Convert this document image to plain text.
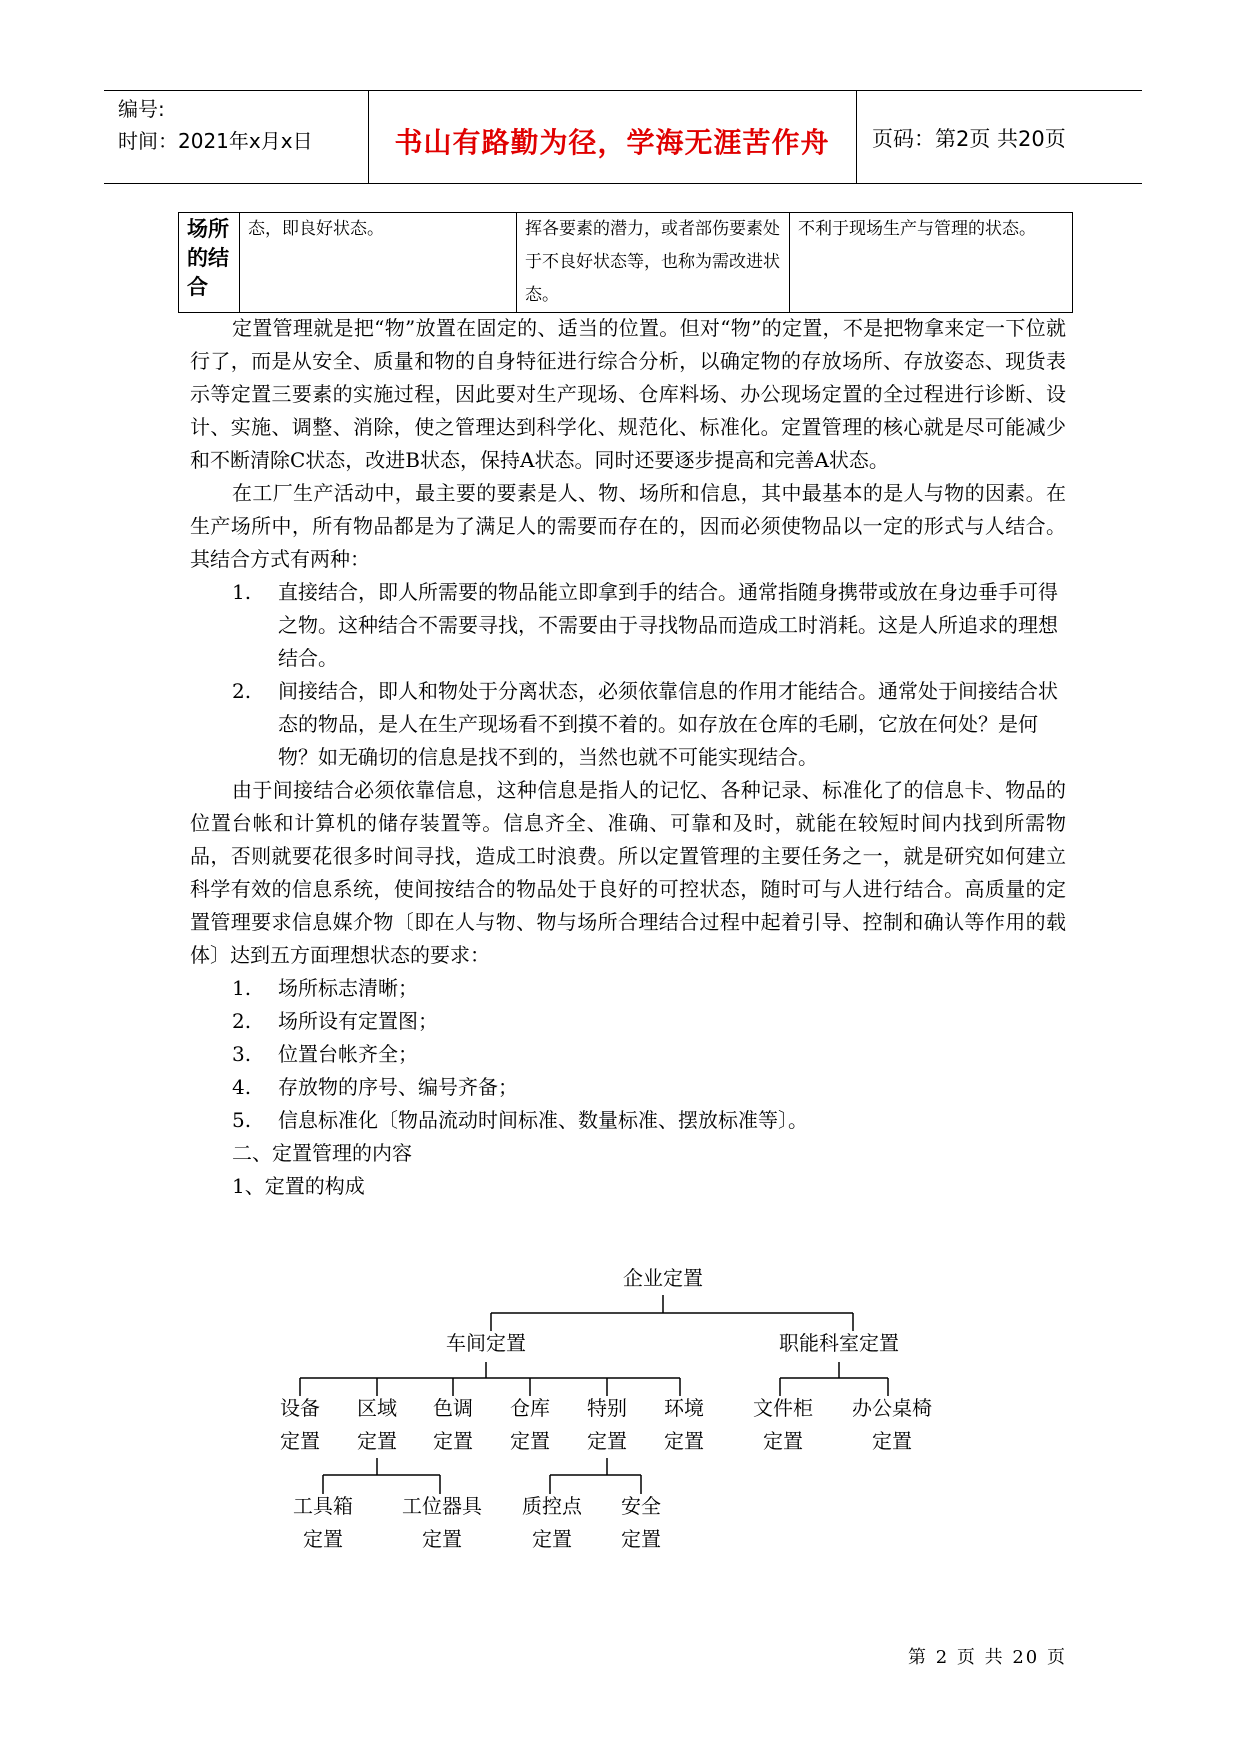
编号:
时间：2021年x月x日	书山有路勤为径，学海无涯苦作舟	页码：第2页 共20页
场所的结合	态，即良好状态。	挥各要素的潜力，或者部伤要素处于不良好状态等，也称为需改进状态。	不利于现场生产与管理的状态。

定置管理就是把“物”放置在固定的、适当的位置。但对“物”的定置，不是把物拿来定一下位就行了，而是从安全、质量和物的自身特征进行综合分析，以确定物的存放场所、存放姿态、现货表示等定置三要素的实施过程，因此要对生产现场、仓库料场、办公现场定置的全过程进行诊断、设计、实施、调整、消除，使之管理达到科学化、规范化、标准化。定置管理的核心就是尽可能减少和不断清除C状态，改进B状态，保持A状态。同时还要逐步提高和完善A状态。

在工厂生产活动中，最主要的要素是人、物、场所和信息，其中最基本的是人与物的因素。在生产场所中，所有物品都是为了满足人的需要而存在的，因而必须使物品以一定的形式与人结合。其结合方式有两种：

1. 直接结合，即人所需要的物品能立即拿到手的结合。通常指随身携带或放在身边垂手可得之物。这种结合不需要寻找，不需要由于寻找物品而造成工时消耗。这是人所追求的理想结合。
2. 间接结合，即人和物处于分离状态，必须依靠信息的作用才能结合。通常处于间接结合状态的物品，是人在生产现场看不到摸不着的。如存放在仓库的毛刷，它放在何处？是何物？如无确切的信息是找不到的，当然也就不可能实现结合。

由于间接结合必须依靠信息，这种信息是指人的记忆、各种记录、标准化了的信息卡、物品的位置台帐和计算机的储存装置等。信息齐全、准确、可靠和及时，就能在较短时间内找到所需物品，否则就要花很多时间寻找，造成工时浪费。所以定置管理的主要任务之一，就是研究如何建立科学有效的信息系统，使间按结合的物品处于良好的可控状态，随时可与人进行结合。高质量的定置管理要求信息媒介物〔即在人与物、物与场所合理结合过程中起着引导、控制和确认等作用的载体〕达到五方面理想状态的要求：

1. 场所标志清晰；
2. 场所设有定置图；
3. 位置台帐齐全；
4. 存放物的序号、编号齐备；
5. 信息标准化〔物品流动时间标准、数量标准、摆放标准等〕。
二、定置管理的内容
1、定置的构成
企业定置
车间定置	职能科室定置
设备
定置
区域
定置
色调
定置
仓库
定置
特别
定置
环境
定置
文件柜
定置
办公桌椅
定置
工具箱
定置
工位器具
定置
质控点
定置
安全
定置
第 2 页 共 20 页
